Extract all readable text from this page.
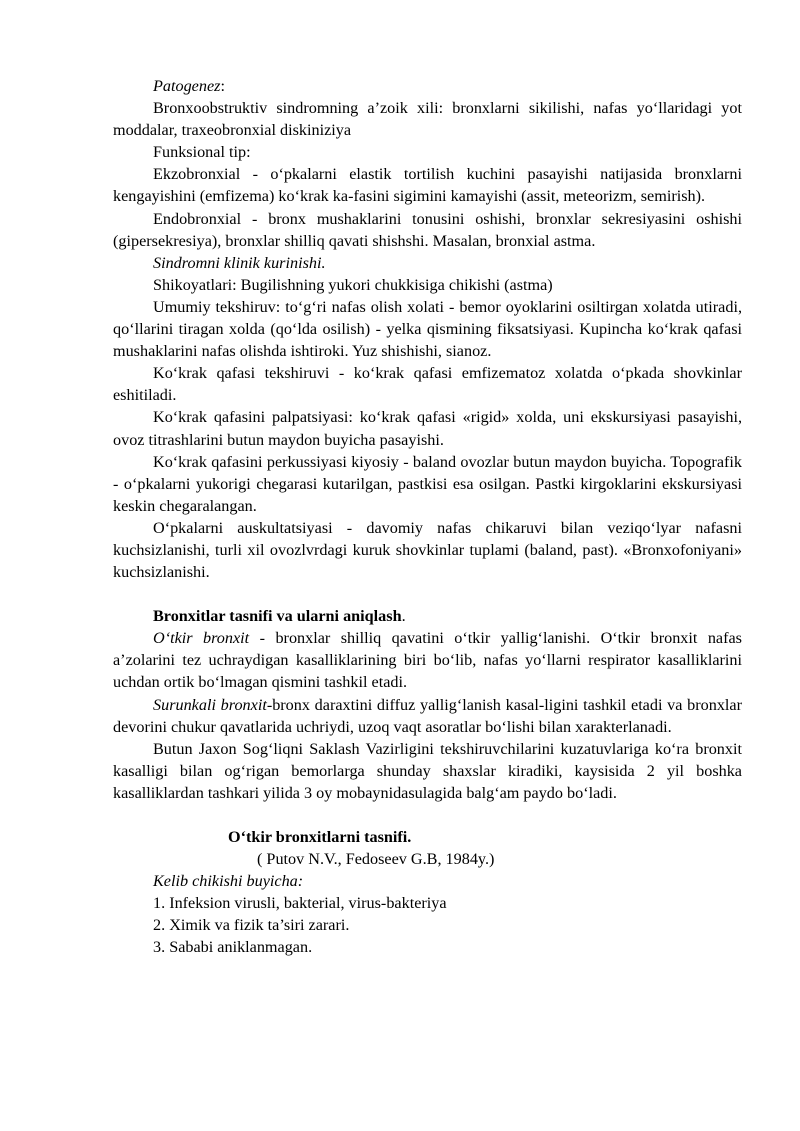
Patogenez:

Bronxoobstruktiv sindromning a’zoik xili: bronxlarni sikilishi, nafas yo‘llaridagi yot moddalar, traxeobronxial diskiniziya

Funksional tip:

Ekzobronxial - o‘pkalarni elastik tortilish kuchini pasayishi natijasida bronxlarni kengayishini (emfizema) ko‘krak ka-fasini sigimini kamayishi (assit, meteorizm, semirish).

Endobronxial - bronx mushaklarini tonusini oshishi, bronxlar sekresiyasini oshishi (gipersekresiya), bronxlar shilliq qavati shishshi. Masalan, bronxial astma.

Sindromni klinik kurinishi.

Shikoyatlari: Bugilishning yukori chukkisiga chikishi (astma)

Umumiy tekshiruv: to‘g‘ri nafas olish xolati - bemor oyoklarini osiltirgan xolatda utiradi, qo‘llarini tiragan xolda (qo‘lda osilish) - yelka qismining fiksatsiyasi. Kupincha ko‘krak qafasi mushaklarini nafas olishda ishtiroki. Yuz shishishi, sianoz.

Ko‘krak qafasi tekshiruvi - ko‘krak qafasi emfizematoz xolatda o‘pkada shovkinlar eshitiladi.

Ko‘krak qafasini palpatsiyasi: ko‘krak qafasi «rigid» xolda, uni ekskursiyasi pasayishi, ovoz titrashlarini butun maydon buyicha pasayishi.

Ko‘krak qafasini perkussiyasi kiyosiy - baland ovozlar butun maydon buyicha. Topografik - o‘pkalarni yukorigi chegarasi kutarilgan, pastkisi esa osilgan. Pastki kirgoklarini ekskursiyasi keskin chegaralangan.

O‘pkalarni auskultatsiyasi - davomiy nafas chikaruvi bilan veziqo‘lyar nafasni kuchsizlanishi, turli xil ovozlvrdagi kuruk shovkinlar tuplami (baland, past). «Bronxofoniyani» kuchsizlanishi.

Bronxitlar tasnifi va ularni aniqlash.

O‘tkir bronxit - bronxlar shilliq qavatini o‘tkir yallig‘lanishi. O‘tkir bronxit nafas a’zolarini tez uchraydigan kasalliklarining biri bo‘lib, nafas yo‘llarni respirator kasalliklarini uchdan ortik bo‘lmagan qismini tashkil etadi.

Surunkali bronxit-bronx daraxtini diffuz yallig‘lanish kasal-ligini tashkil etadi va bronxlar devorini chukur qavatlarida uchriydi, uzoq vaqt asoratlar bo‘lishi bilan xarakterlanadi.

Butun Jaxon Sog‘liqni Saklash Vazirligini tekshiruvchilarini kuzatuvlariga ko‘ra bronxit kasalligi bilan og‘rigan bemorlarga shunday shaxslar kiradiki, kaysisida 2 yil boshka kasalliklardan tashkari yilida 3 oy mobaynidasulagida balg‘am paydo bo‘ladi.

O‘tkir bronxitlarni tasnifi.

( Putov N.V., Fedoseev G.B, 1984y.)

Kelib chikishi buyicha:

1. Infeksion virusli, bakterial, virus-bakteriya

2. Ximik va fizik ta’siri zarari.

3. Sababi aniklanmagan.
